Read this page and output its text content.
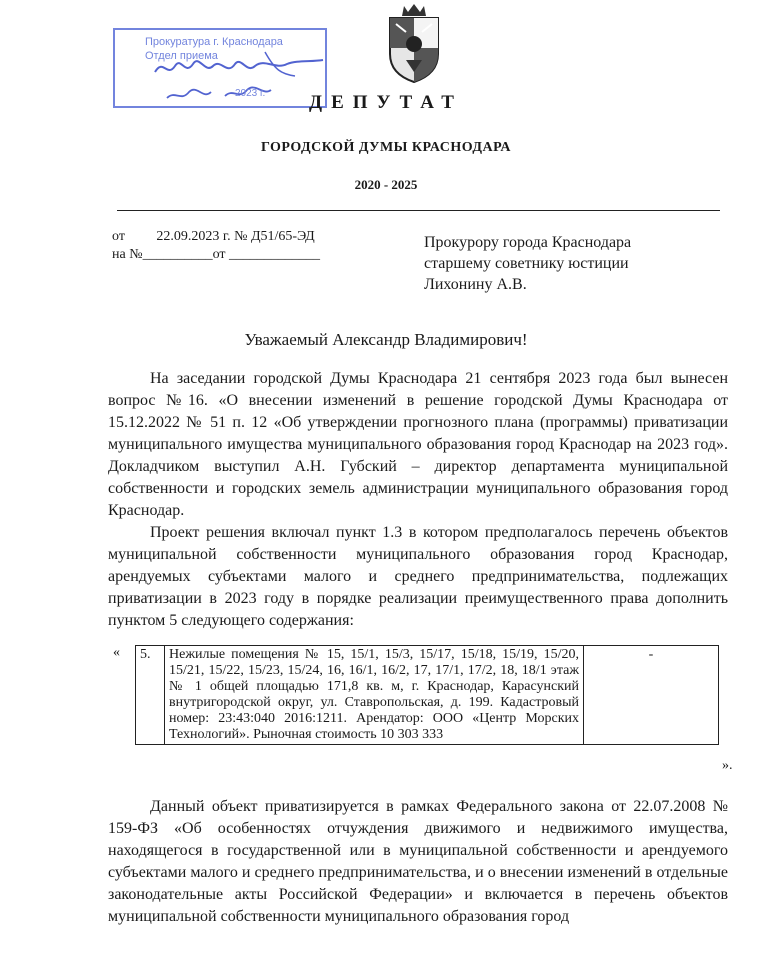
Прокуратура г. Краснодара
Отдел приема
2023 г.	ДЕПУТАТ
ГОРОДСКОЙ ДУМЫ КРАСНОДАРА
2020 - 2025
от         22.09.2023 г. № Д51/65-ЭД
на №__________от _____________
Прокурору города Краснодара
старшему советнику юстиции
Лихонину А.В.
Уважаемый Александр Владимирович!
На заседании городской Думы Краснодара 21 сентября 2023 года был вынесен вопрос №16. «О внесении изменений в решение городской Думы Краснодара от 15.12.2022 № 51 п. 12 «Об утверждении прогнозного плана (программы) приватизации муниципального имущества муниципального образования город Краснодар на 2023 год». Докладчиком выступил А.Н. Губский – директор департамента муниципальной собственности и городских земель администрации муниципального образования город Краснодар.
Проект решения включал пункт 1.3 в котором предполагалось перечень объектов муниципальной собственности муниципального образования город Краснодар, арендуемых субъектами малого и среднего предпринимательства, подлежащих приватизации в 2023 году в порядке реализации преимущественного права дополнить пунктом 5 следующего содержания:
« 5.	Нежилые помещения № 15, 15/1, 15/3, 15/17, 15/18, 15/19, 15/20, 15/21, 15/22, 15/23, 15/24, 16, 16/1, 16/2, 17, 17/1, 17/2, 18, 18/1 этаж № 1 общей площадью 171,8 кв. м, г. Краснодар, Карасунский внутригородской округ, ул. Ставропольская, д. 199. Кадастровый номер: 23:43:040 2016:1211. Арендатор: ООО «Центр Морских Технологий». Рыночная стоимость 10 303 333	-
».
Данный объект приватизируется в рамках Федерального закона от 22.07.2008 № 159-ФЗ «Об особенностях отчуждения движимого и недвижимого имущества, находящегося в государственной или в муниципальной собственности и арендуемого субъектами малого и среднего предпринимательства, и о внесении изменений в отдельные законодательные акты Российской Федерации» и включается в перечень объектов муниципальной собственности муниципального образования город
